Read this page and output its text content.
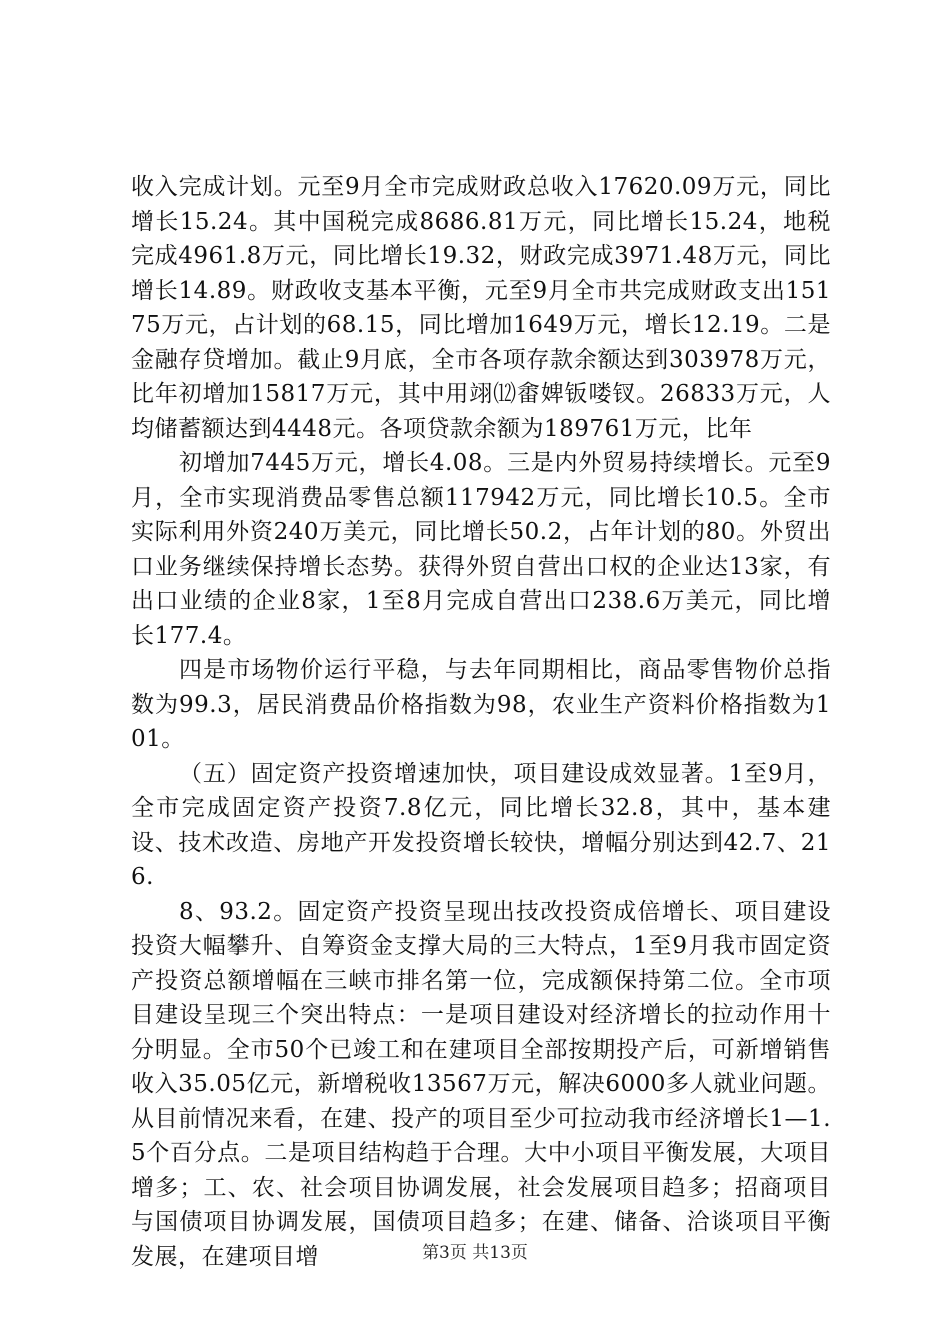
收入完成计划。元至9月全市完成财政总收入17620.09万元，同比增长15.24。其中国税完成8686.81万元，同比增长15.24，地税完成4961.8万元，同比增长19.32，财政完成3971.48万元，同比增长14.89。财政收支基本平衡，元至9月全市共完成财政支出15175万元，占计划的68.15，同比增加1649万元，增长12.19。二是金融存贷增加。截止9月底，全市各项存款余额达到303978万元，比年初增加15817万元，其中用翊⑿畬婢钣喽钗。26833万元，人均储蓄额达到4448元。各项贷款余额为189761万元，比年

初增加7445万元，增长4.08。三是内外贸易持续增长。元至9月，全市实现消费品零售总额117942万元，同比增长10.5。全市实际利用外资240万美元，同比增长50.2，占年计划的80。外贸出口业务继续保持增长态势。获得外贸自营出口权的企业达13家，有出口业绩的企业8家，1至8月完成自营出口238.6万美元，同比增长177.4。

四是市场物价运行平稳，与去年同期相比，商品零售物价总指数为99.3，居民消费品价格指数为98，农业生产资料价格指数为101。

（五）固定资产投资增速加快，项目建设成效显著。1至9月，全市完成固定资产投资7.8亿元，同比增长32.8，其中，基本建设、技术改造、房地产开发投资增长较快，增幅分别达到42.7、216.

8、93.2。固定资产投资呈现出技改投资成倍增长、项目建设投资大幅攀升、自筹资金支撑大局的三大特点，1至9月我市固定资产投资总额增幅在三峡市排名第一位，完成额保持第二位。全市项目建设呈现三个突出特点：一是项目建设对经济增长的拉动作用十分明显。全市50个已竣工和在建项目全部按期投产后，可新增销售收入35.05亿元，新增税收13567万元，解决6000多人就业问题。从目前情况来看，在建、投产的项目至少可拉动我市经济增长1—1.5个百分点。二是项目结构趋于合理。大中小项目平衡发展，大项目增多；工、农、社会项目协调发展，社会发展项目趋多；招商项目与国债项目协调发展，国债项目趋多；在建、储备、洽谈项目平衡发展，在建项目增	第3页 共13页
